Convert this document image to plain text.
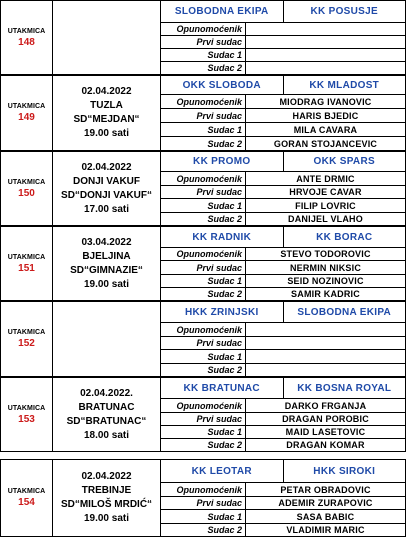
UTAKMICA
148
SLOBODNA EKIPA	KK POSUSJE
Opunomoćenik
Prvi sudac
Sudac 1
Sudac 2
UTAKMICA
149
02.04.2022
TUZLA
SD“MEJDAN“
19.00 sati
OKK SLOBODA	KK MLADOST
Opunomoćenik	MIODRAG IVANOVIC
Prvi sudac	HARIS BJEDIC
Sudac 1	MILA CAVARA
Sudac 2	GORAN STOJANCEVIC
UTAKMICA
150
02.04.2022
DONJI VAKUF
SD“DONJI VAKUF“
17.00 sati
KK PROMO	OKK SPARS
Opunomoćenik	ANTE DRMIC
Prvi sudac	HRVOJE CAVAR
Sudac 1	FILIP LOVRIC
Sudac 2	DANIJEL VLAHO
UTAKMICA
151
03.04.2022
BJELJINA
SD“GIMNAZIE“
19.00 sati
KK RADNIK	KK BORAC
Opunomoćenik	STEVO TODOROVIC
Prvi sudac	NERMIN NIKSIC
Sudac 1	SEID NOZINOVIC
Sudac 2	SAMIR KADRIC
UTAKMICA
152
HKK ZRINJSKI	SLOBODNA EKIPA
Opunomoćenik
Prvi sudac
Sudac 1
Sudac 2
UTAKMICA
153
02.04.2022.
BRATUNAC
SD“BRATUNAC“
18.00 sati
KK BRATUNAC	KK BOSNA ROYAL
Opunomoćenik	DARKO FRGANJA
Prvi sudac	DRAGAN POROBIC
Sudac 1	MAID LASETOVIC
Sudac 2	DRAGAN KOMAR
UTAKMICA
154
02.04.2022
TREBINJE
SD“MILOŠ MRDIĆ“
19.00 sati
KK LEOTAR	HKK SIROKI
Opunomoćenik	PETAR OBRADOVIC
Prvi sudac	ADEMIR ZURAPOVIC
Sudac 1	SASA BABIC
Sudac 2	VLADIMIR MARIC
